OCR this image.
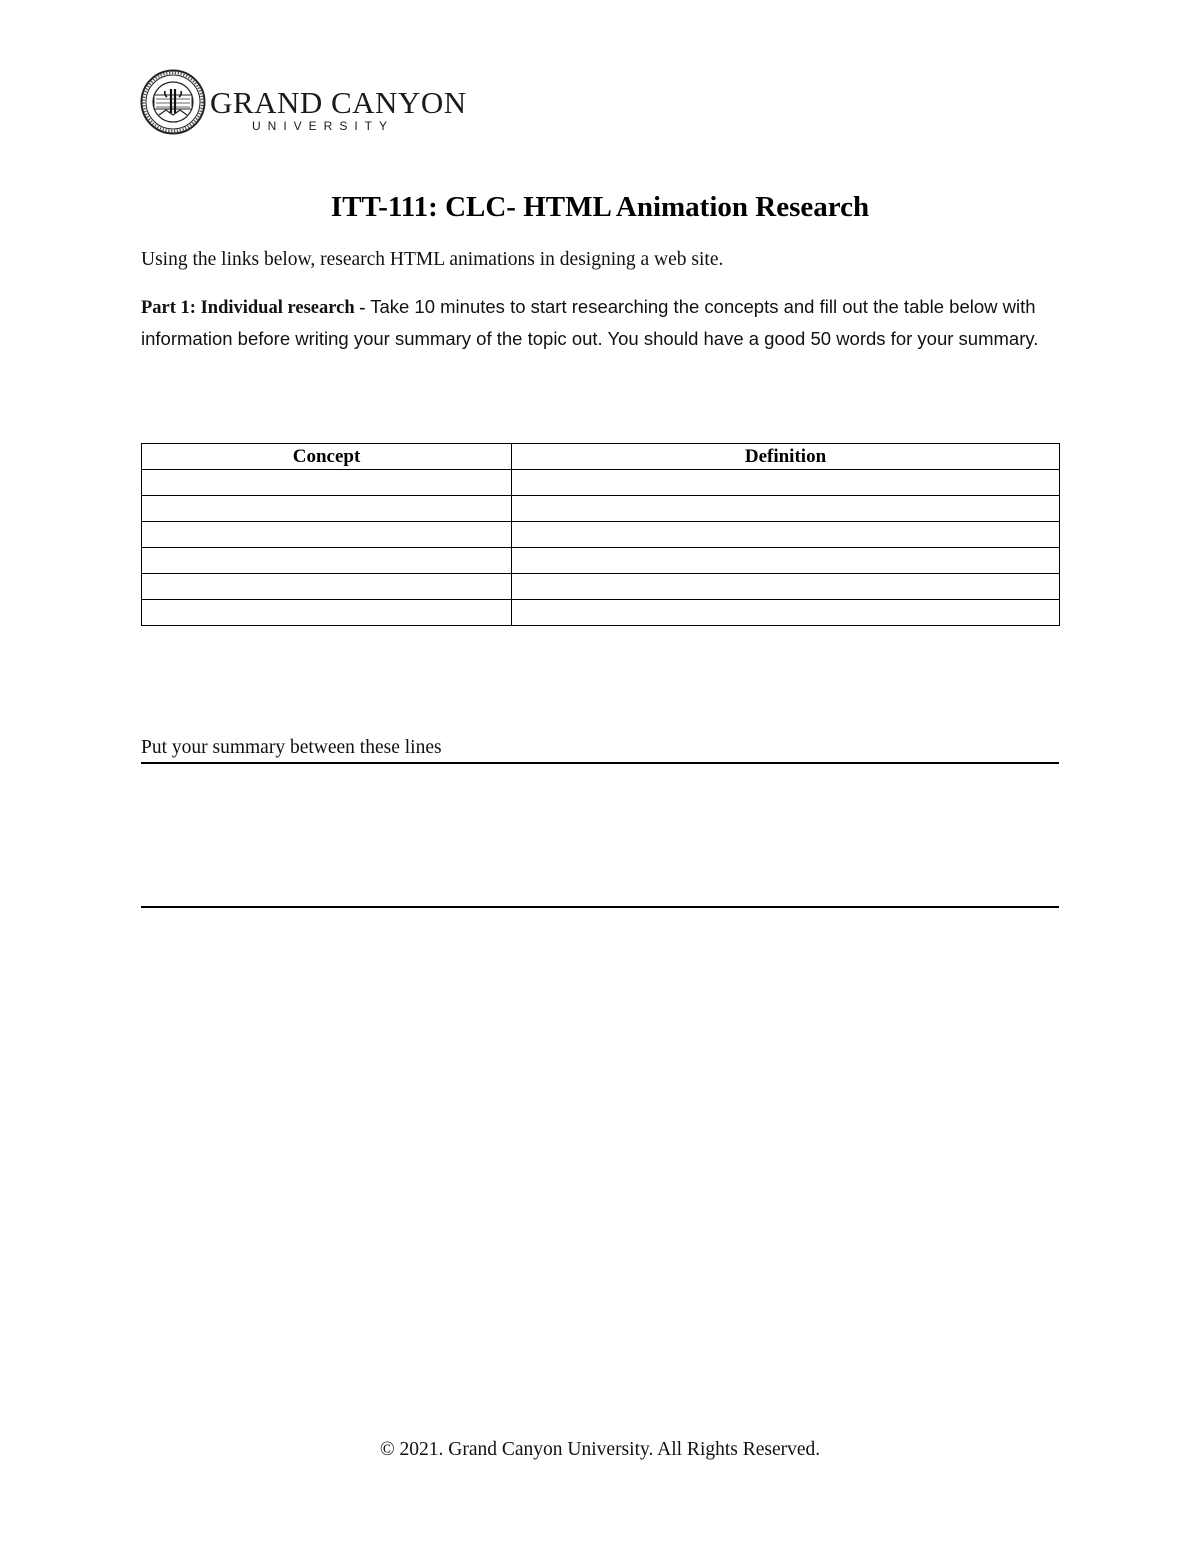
GRAND CANYON
UNIVERSITY
ITT-111: CLC- HTML Animation Research
Using the links below, research HTML animations in designing a web site.
Part 1: Individual research - Take 10 minutes to start researching the concepts and fill out the table below with information before writing your summary of the topic out. You should have a good 50 words for your summary.
Concept	Definition

Put your summary between these lines
© 2021. Grand Canyon University. All Rights Reserved.
